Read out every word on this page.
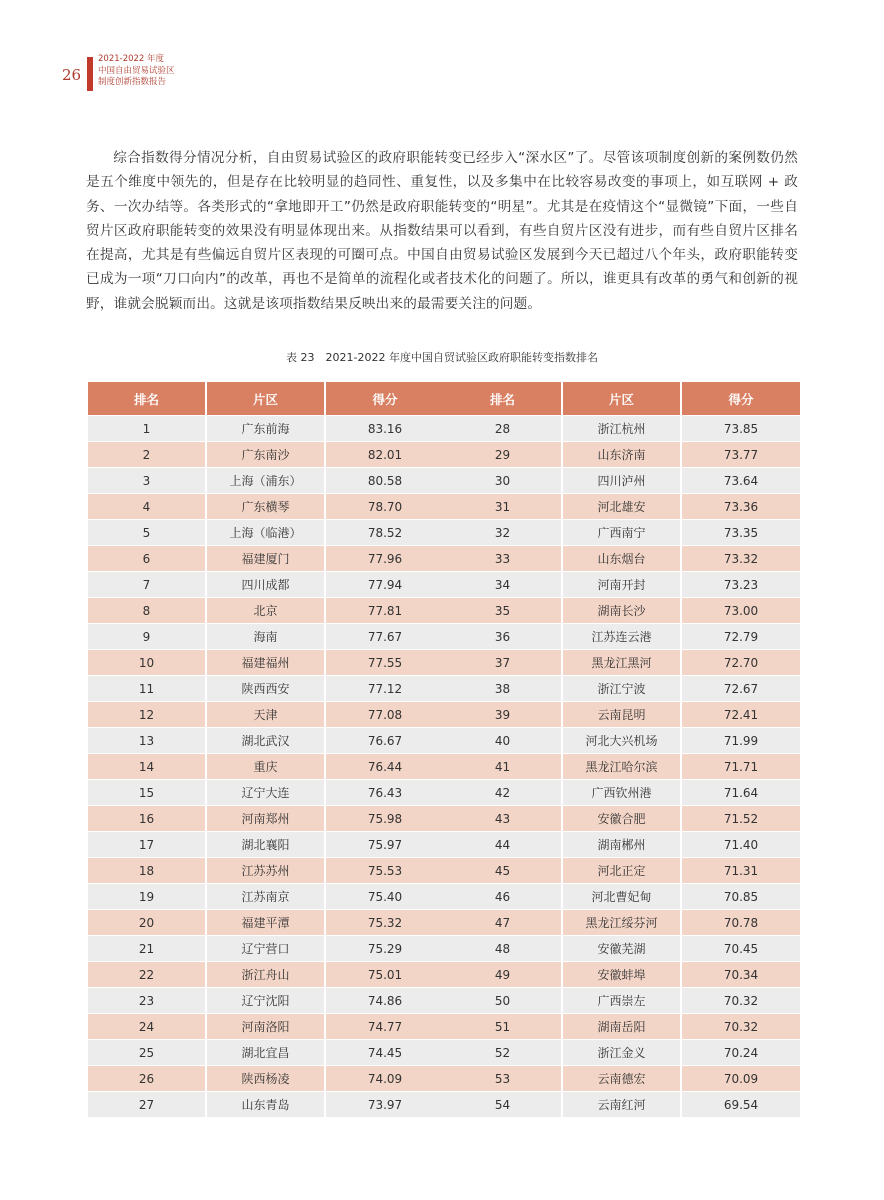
26
2021-2022 年度
中国自由贸易试验区
制度创新指数报告

综合指数得分情况分析，自由贸易试验区的政府职能转变已经步入“深水区”了。尽管该项制度创新的案例数仍然是五个维度中领先的，但是存在比较明显的趋同性、重复性，以及多集中在比较容易改变的事项上，如互联网 + 政务、一次办结等。各类形式的“拿地即开工”仍然是政府职能转变的“明星”。尤其是在疫情这个“显微镜”下面，一些自贸片区政府职能转变的效果没有明显体现出来。从指数结果可以看到，有些自贸片区没有进步，而有些自贸片区排名在提高，尤其是有些偏远自贸片区表现的可圈可点。中国自由贸易试验区发展到今天已超过八个年头，政府职能转变已成为一项“刀口向内”的改革，再也不是简单的流程化或者技术化的问题了。所以，谁更具有改革的勇气和创新的视野，谁就会脱颖而出。这就是该项指数结果反映出来的最需要关注的问题。

表 23　2021-2022 年度中国自贸试验区政府职能转变指数排名
排名	片区	得分
1	广东前海	83.16
2	广东南沙	82.01
3	上海（浦东）	80.58
4	广东横琴	78.70
5	上海（临港）	78.52
6	福建厦门	77.96
7	四川成都	77.94
8	北京	77.81
9	海南	77.67
10	福建福州	77.55
11	陕西西安	77.12
12	天津	77.08
13	湖北武汉	76.67
14	重庆	76.44
15	辽宁大连	76.43
16	河南郑州	75.98
17	湖北襄阳	75.97
18	江苏苏州	75.53
19	江苏南京	75.40
20	福建平潭	75.32
21	辽宁营口	75.29
22	浙江舟山	75.01
23	辽宁沈阳	74.86
24	河南洛阳	74.77
25	湖北宜昌	74.45
26	陕西杨凌	74.09
27	山东青岛	73.97
排名	片区	得分
28	浙江杭州	73.85
29	山东济南	73.77
30	四川泸州	73.64
31	河北雄安	73.36
32	广西南宁	73.35
33	山东烟台	73.32
34	河南开封	73.23
35	湖南长沙	73.00
36	江苏连云港	72.79
37	黑龙江黑河	72.70
38	浙江宁波	72.67
39	云南昆明	72.41
40	河北大兴机场	71.99
41	黑龙江哈尔滨	71.71
42	广西钦州港	71.64
43	安徽合肥	71.52
44	湖南郴州	71.40
45	河北正定	71.31
46	河北曹妃甸	70.85
47	黑龙江绥芬河	70.78
48	安徽芜湖	70.45
49	安徽蚌埠	70.34
50	广西崇左	70.32
51	湖南岳阳	70.32
52	浙江金义	70.24
53	云南德宏	70.09
54	云南红河	69.54
